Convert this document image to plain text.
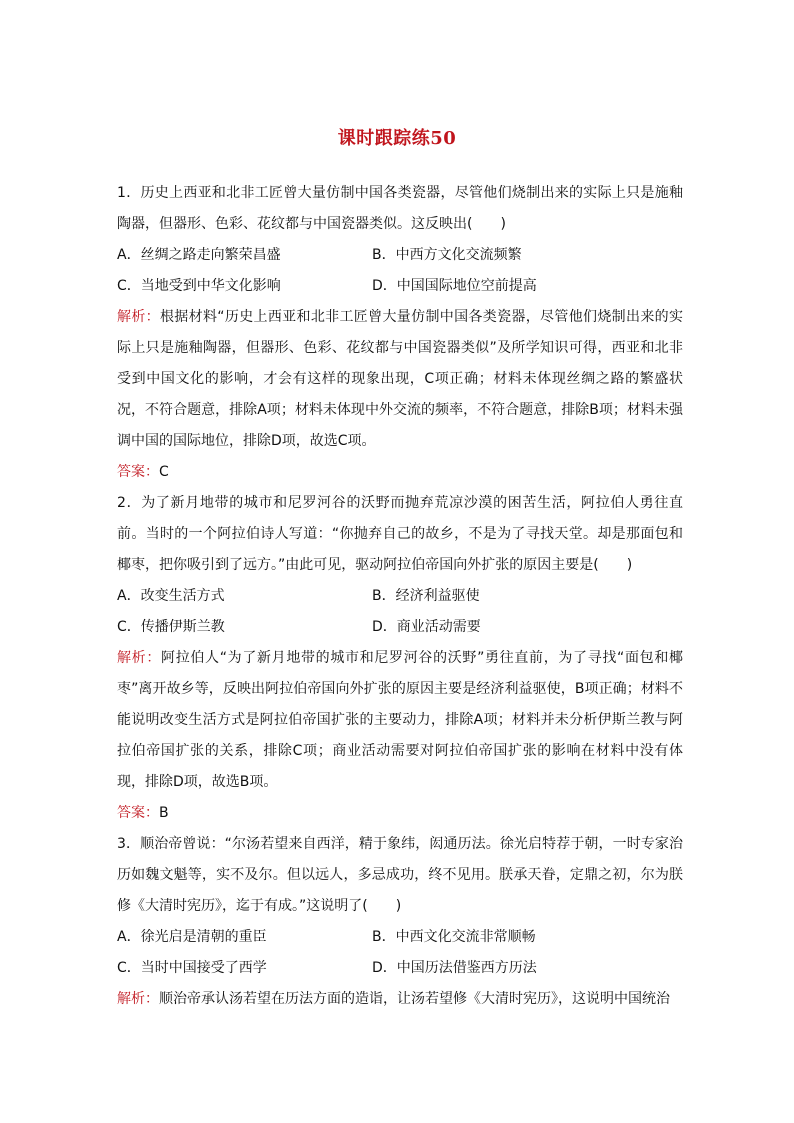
课时跟踪练50

1．历史上西亚和北非工匠曾大量仿制中国各类瓷器，尽管他们烧制出来的实际上只是施釉陶器，但器形、色彩、花纹都与中国瓷器类似。这反映出(　　)

A．丝绸之路走向繁荣昌盛	B．中西方文化交流频繁

C．当地受到中华文化影响	D．中国国际地位空前提高

解析：根据材料“历史上西亚和北非工匠曾大量仿制中国各类瓷器，尽管他们烧制出来的实际上只是施釉陶器，但器形、色彩、花纹都与中国瓷器类似”及所学知识可得，西亚和北非受到中国文化的影响，才会有这样的现象出现，C项正确；材料未体现丝绸之路的繁盛状况，不符合题意，排除A项；材料未体现中外交流的频率，不符合题意，排除B项；材料未强调中国的国际地位，排除D项，故选C项。

答案：C

2．为了新月地带的城市和尼罗河谷的沃野而抛弃荒凉沙漠的困苦生活，阿拉伯人勇往直前。当时的一个阿拉伯诗人写道：“你抛弃自己的故乡，不是为了寻找天堂。却是那面包和椰枣，把你吸引到了远方。”由此可见，驱动阿拉伯帝国向外扩张的原因主要是(　　)

A．改变生活方式	B．经济利益驱使

C．传播伊斯兰教	D．商业活动需要

解析：阿拉伯人“为了新月地带的城市和尼罗河谷的沃野”勇往直前，为了寻找“面包和椰枣”离开故乡等，反映出阿拉伯帝国向外扩张的原因主要是经济利益驱使，B项正确；材料不能说明改变生活方式是阿拉伯帝国扩张的主要动力，排除A项；材料并未分析伊斯兰教与阿拉伯帝国扩张的关系，排除C项；商业活动需要对阿拉伯帝国扩张的影响在材料中没有体现，排除D项，故选B项。

答案：B

3．顺治帝曾说：“尔汤若望来自西洋，精于象纬，闳通历法。徐光启特荐于朝，一时专家治历如魏文魁等，实不及尔。但以远人，多忌成功，终不见用。朕承天眷，定鼎之初，尔为朕修《大清时宪历》，迄于有成。”这说明了(　　)

A．徐光启是清朝的重臣	B．中西文化交流非常顺畅

C．当时中国接受了西学	D．中国历法借鉴西方历法

解析：顺治帝承认汤若望在历法方面的造诣，让汤若望修《大清时宪历》，这说明中国统治
